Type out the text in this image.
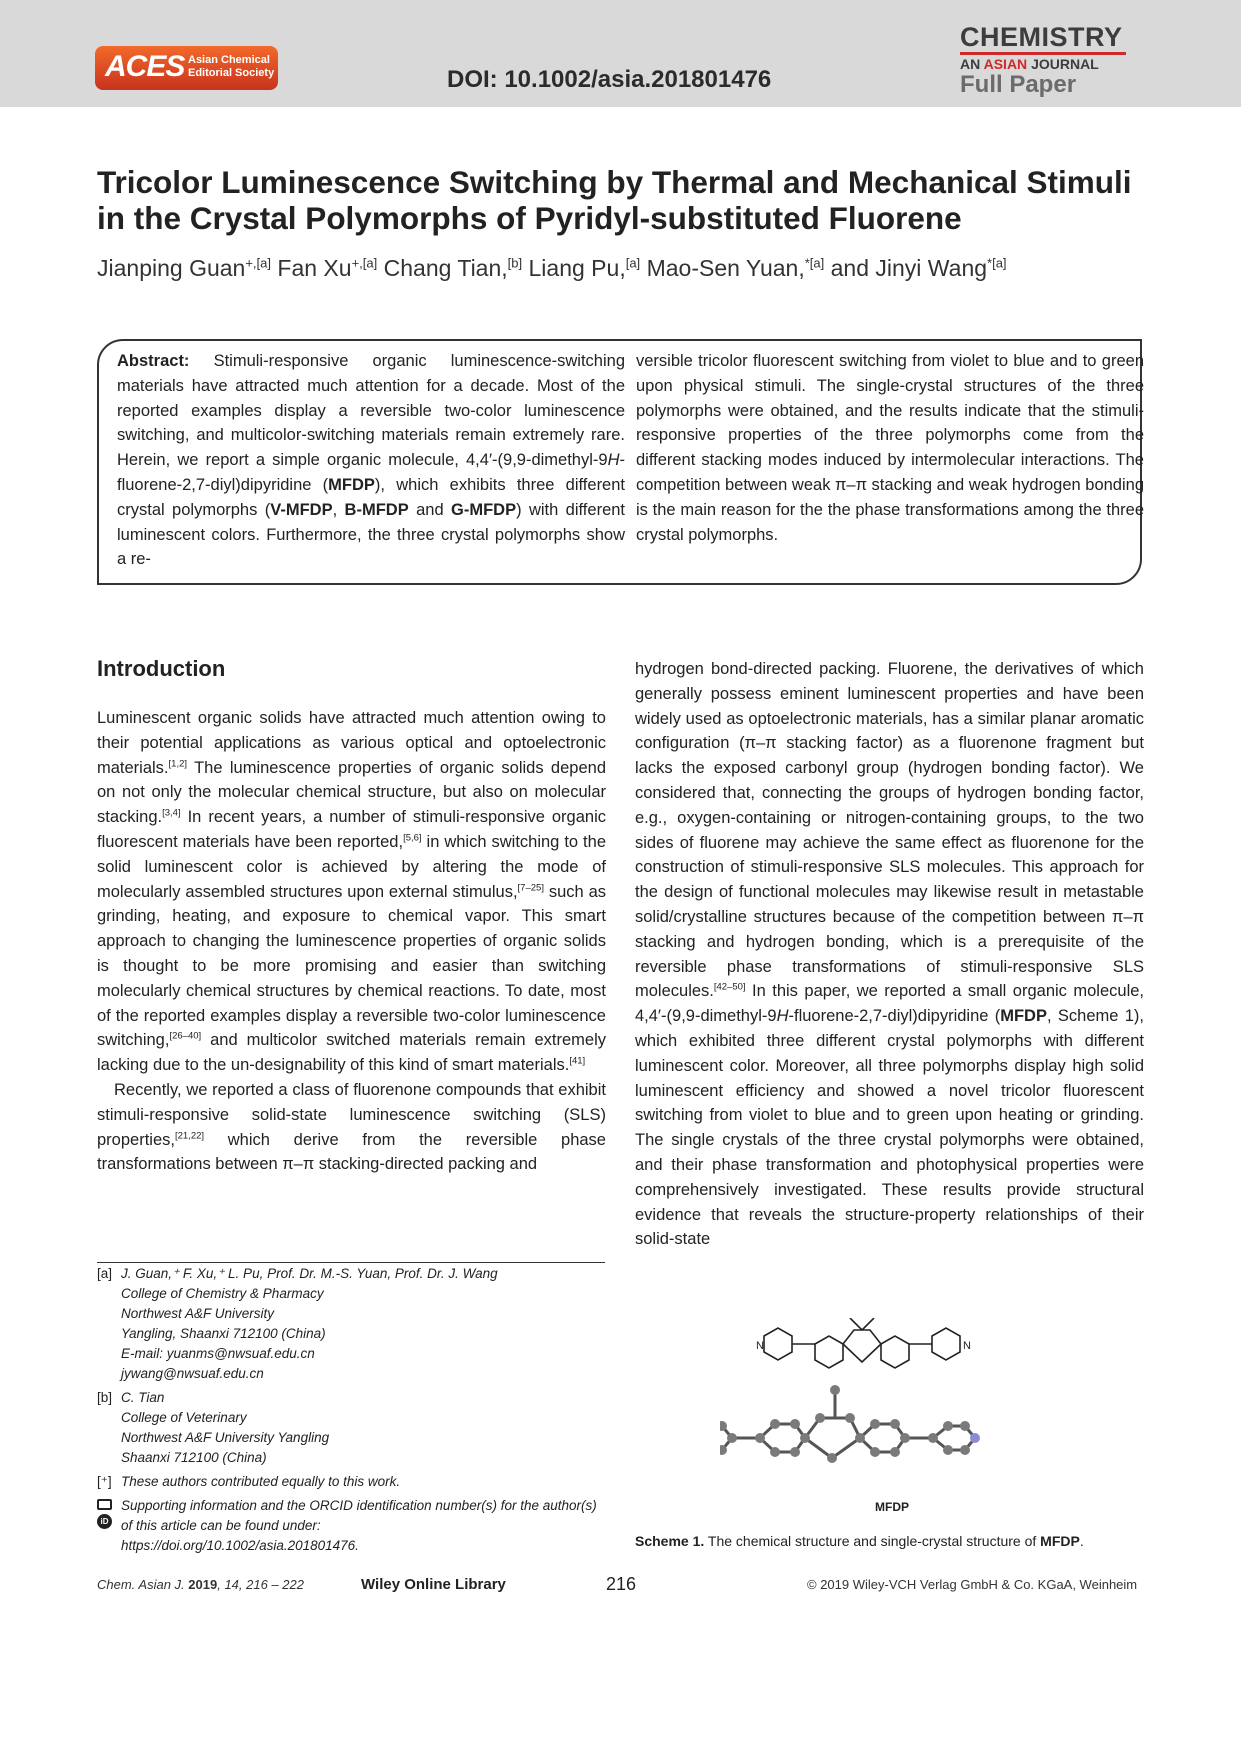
ACES Asian Chemical
Editorial Society	DOI: 10.1002/asia.201801476
CHEMISTRY
AN ASIAN JOURNAL
Full Paper
Tricolor Luminescence Switching by Thermal and Mechanical Stimuli in the Crystal Polymorphs of Pyridyl-substituted Fluorene
Jianping Guan$^{+,[a]}$ Fan $Xu^{+,[a]}$ Chang Tian,[b] Liang Pu,[a] Mao-Sen Yuan,$^{*[a]}$ and Jinyi Wang$^{*[a]}$
Abstract: Stimuli-responsive organic luminescence-switching materials have attracted much attention for a decade. Most of the reported examples display a reversible two-color luminescence switching, and multicolor-switching materials remain extremely rare. Herein, we report a simple organic molecule, 4,4′-(9,9-dimethyl-9H-fluorene-2,7-diyl)dipyridine (MFDP), which exhibits three different crystal polymorphs (V-MFDP, B-MFDP and G-MFDP) with different luminescent colors. Furthermore, the three crystal polymorphs show a re-
versible tricolor fluorescent switching from violet to blue and to green upon physical stimuli. The single-crystal structures of the three polymorphs were obtained, and the results indicate that the stimuli-responsive properties of the three polymorphs come from the different stacking modes induced by intermolecular interactions. The competition between weak π–π stacking and weak hydrogen bonding is the main reason for the the phase transformations among the three crystal polymorphs.
Introduction

Luminescent organic solids have attracted much attention owing to their potential applications as various optical and optoelectronic materials.[1,2] The luminescence properties of organic solids depend on not only the molecular chemical structure, but also on molecular stacking.[3,4] In recent years, a number of stimuli-responsive organic fluorescent materials have been reported,[5,6] in which switching to the solid luminescent color is achieved by altering the mode of molecularly assembled structures upon external stimulus,[7–25] such as grinding, heating, and exposure to chemical vapor. This smart approach to changing the luminescence properties of organic solids is thought to be more promising and easier than switching molecularly chemical structures by chemical reactions. To date, most of the reported examples display a reversible two-color luminescence switching,[26–40] and multicolor switched materials remain extremely lacking due to the un-designability of this kind of smart materials.[41]

Recently, we reported a class of fluorenone compounds that exhibit stimuli-responsive solid-state luminescence switching (SLS) properties,[21,22] which derive from the reversible phase transformations between π–π stacking-directed packing and

hydrogen bond-directed packing. Fluorene, the derivatives of which generally possess eminent luminescent properties and have been widely used as optoelectronic materials, has a similar planar aromatic configuration (π–π stacking factor) as a fluorenone fragment but lacks the exposed carbonyl group (hydrogen bonding factor). We considered that, connecting the groups of hydrogen bonding factor, e.g., oxygen-containing or nitrogen-containing groups, to the two sides of fluorene may achieve the same effect as fluorenone for the construction of stimuli-responsive SLS molecules. This approach for the design of functional molecules may likewise result in metastable solid/crystalline structures because of the competition between π–π stacking and hydrogen bonding, which is a prerequisite of the reversible phase transformations of stimuli-responsive SLS molecules.[42–50] In this paper, we reported a small organic molecule, 4,4′-(9,9-dimethyl-9H-fluorene-2,7-diyl)dipyridine (MFDP, Scheme 1), which exhibited three different crystal polymorphs with different luminescent color. Moreover, all three polymorphs display high solid luminescent efficiency and showed a novel tricolor fluorescent switching from violet to blue and to green upon heating or grinding. The single crystals of the three crystal polymorphs were obtained, and their phase transformation and photophysical properties were comprehensively investigated. These results provide structural evidence that reveals the structure-property relationships of their solid-state

[a] J. Guan,⁺ F. Xu,⁺ L. Pu, Prof. Dr. M.-S. Yuan, Prof. Dr. J. Wang
College of Chemistry & Pharmacy
Northwest A&F University
Yangling, Shaanxi 712100 (China)
E-mail: yuanms@nwsuaf.edu.cn
jywang@nwsuaf.edu.cn
[b] C. Tian
College of Veterinary
Northwest A&F University Yangling
Shaanxi 712100 (China)
[⁺] These authors contributed equally to this work.
iD
Supporting information and the ORCID identification number(s) for the author(s) of this article can be found under:
https://doi.org/10.1002/asia.201801476.
N	N
MFDP
Scheme 1. The chemical structure and single-crystal structure of MFDP.
Chem. Asian J. 2019, 14, 216 – 222	Wiley Online Library	216	© 2019 Wiley-VCH Verlag GmbH & Co. KGaA, Weinheim
